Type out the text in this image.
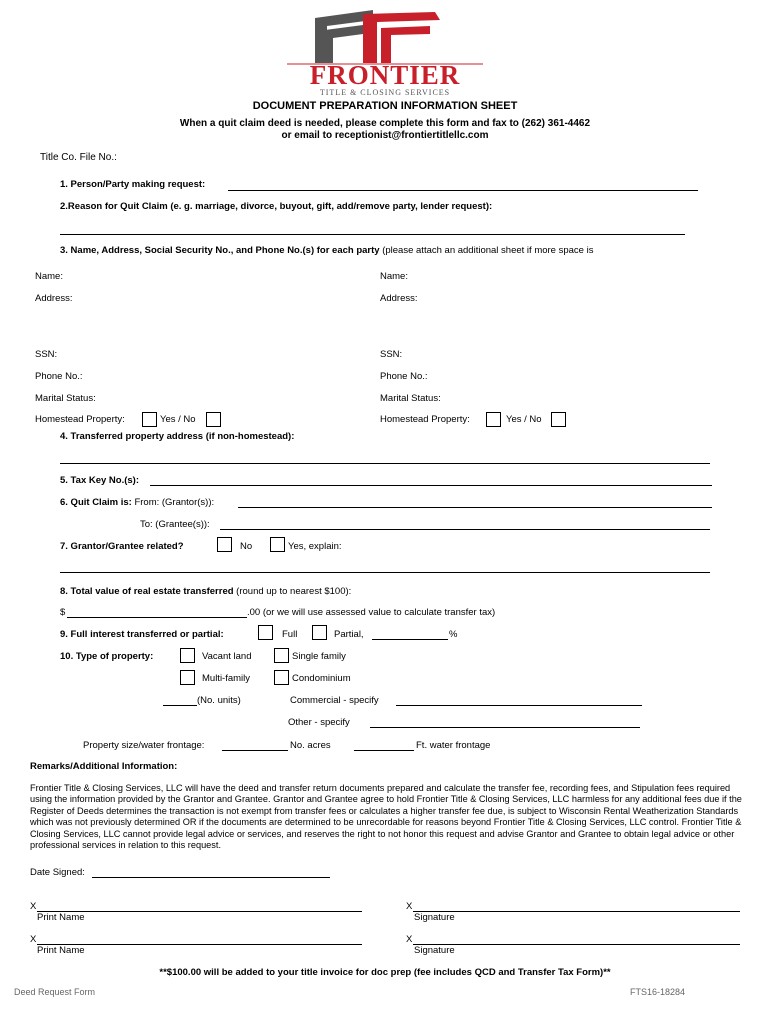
FRONTIER
TITLE & CLOSING SERVICES
DOCUMENT PREPARATION INFORMATION SHEET
When a quit claim deed is needed, please complete this form and fax to (262) 361-4462
or email to receptionist@frontiertitlellc.com
Title Co. File No.:
1. Person/Party making request:
2.Reason for Quit Claim (e. g. marriage, divorce, buyout, gift, add/remove party, lender request):
3. Name, Address, Social Security No., and Phone No.(s) for each party (please attach an additional sheet if more space is
Name:	Name:
Address:	Address:
SSN:	SSN:
Phone No.:	Phone No.:
Marital Status:	Marital Status:
Homestead Property:	Yes / No	Homestead Property:	Yes / No
4. Transferred property address (if non-homestead):
5. Tax Key No.(s):
6. Quit Claim is: From: (Grantor(s)):
To: (Grantee(s)):
7. Grantor/Grantee related?	No	Yes, explain:
8. Total value of real estate transferred (round up to nearest $100):
$	.00 (or we will use assessed value to calculate transfer tax)
9. Full interest transferred or partial:	Full	Partial,	%
10. Type of property:	Vacant land	Single family
Multi-family	Condominium
(No. units)	Commercial - specify
Other - specify
Property size/water frontage:	No. acres	Ft. water frontage
Remarks/Additional Information:
Frontier Title & Closing Services, LLC will have the deed and transfer return documents prepared and calculate the transfer fee, recording fees, and Stipulation fees required using the information provided by the Grantor and Grantee. Grantor and Grantee agree to hold Frontier Title & Closing Services, LLC harmless for any additional fees due if the Register of Deeds determines the transaction is not exempt from transfer fees or calculates a higher transfer fee due, is subject to Wisconsin Rental Weatherization Standards which was not previously determined OR if the documents are determined to be unrecordable for reasons beyond Frontier Title & Closing Services, LLC control. Frontier Title & Closing Services, LLC cannot provide legal advice or services, and reserves the right to not honor this request and advise Grantor and Grantee to obtain legal advice or other professional services in relation to this request.
Date Signed:
X
Print Name
X
Signature
X
Print Name
X
Signature
**$100.00 will be added to your title invoice for doc prep (fee includes QCD and Transfer Tax Form)**
Deed Request Form	FTS16-18284
